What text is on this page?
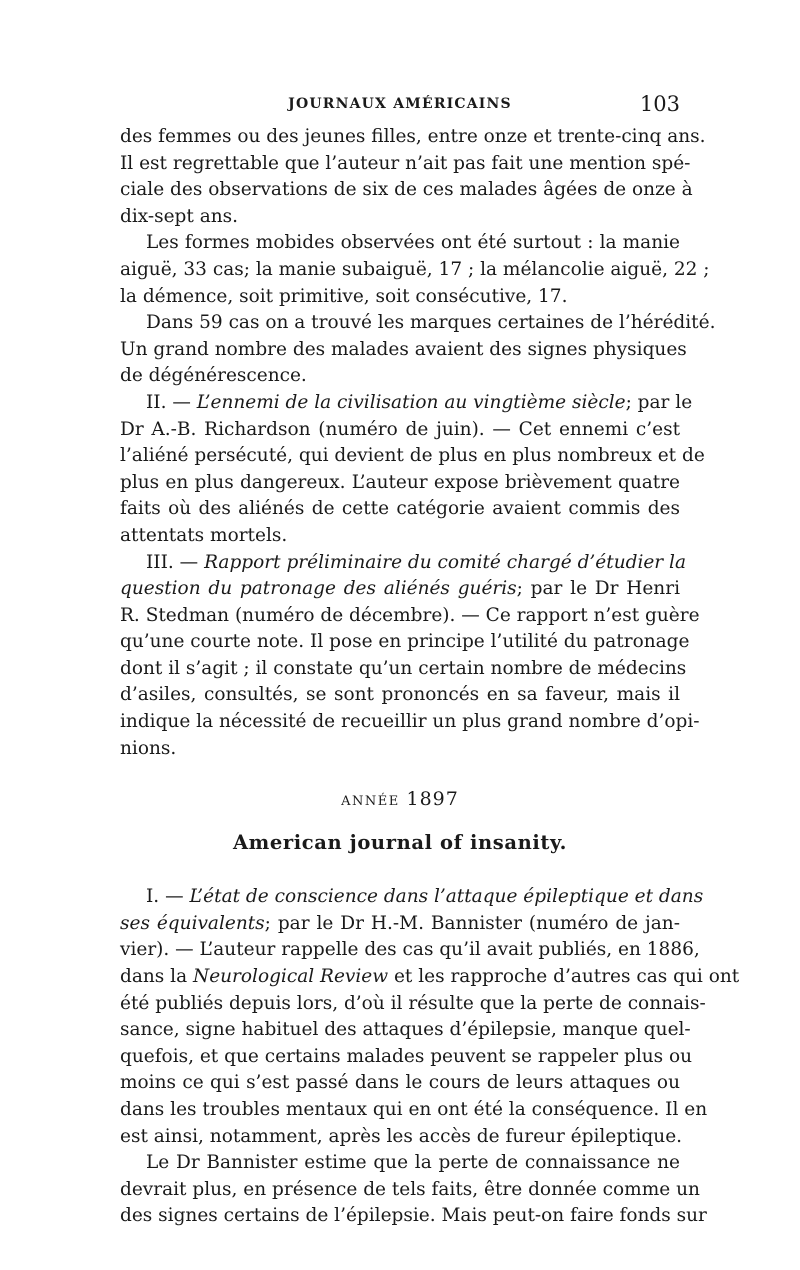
JOURNAUX AMÉRICAINS	103
des femmes ou des jeunes filles, entre onze et trente-cinq ans.
Il est regrettable que l’auteur n’ait pas fait une mention spé-
ciale des observations de six de ces malades âgées de onze à
dix-sept ans.
Les formes mobides observées ont été surtout : la manie
aiguë, 33 cas; la manie subaiguë, 17 ; la mélancolie aiguë, 22 ;
la démence, soit primitive, soit consécutive, 17.
Dans 59 cas on a trouvé les marques certaines de l’hérédité.
Un grand nombre des malades avaient des signes physiques
de dégénérescence.
II. — L’ennemi de la civilisation au vingtième siècle; par le
Dr A.-B. Richardson (numéro de juin). — Cet ennemi c’est
l’aliéné persécuté, qui devient de plus en plus nombreux et de
plus en plus dangereux. L’auteur expose brièvement quatre
faits où des aliénés de cette catégorie avaient commis des
attentats mortels.
III. — Rapport préliminaire du comité chargé d’étudier la
question du patronage des aliénés guéris; par le Dr Henri
R. Stedman (numéro de décembre). — Ce rapport n’est guère
qu’une courte note. Il pose en principe l’utilité du patronage
dont il s’agit ; il constate qu’un certain nombre de médecins
d’asiles, consultés, se sont prononcés en sa faveur, mais il
indique la nécessité de recueillir un plus grand nombre d’opi-
nions.
ANNÉE 1897
American journal of insanity.
I. — L’état de conscience dans l’attaque épileptique et dans
ses équivalents; par le Dr H.-M. Bannister (numéro de jan-
vier). — L’auteur rappelle des cas qu’il avait publiés, en 1886,
dans la Neurological Review et les rapproche d’autres cas qui ont
été publiés depuis lors, d’où il résulte que la perte de connais-
sance, signe habituel des attaques d’épilepsie, manque quel-
quefois, et que certains malades peuvent se rappeler plus ou
moins ce qui s’est passé dans le cours de leurs attaques ou
dans les troubles mentaux qui en ont été la conséquence. Il en
est ainsi, notamment, après les accès de fureur épileptique.
Le Dr Bannister estime que la perte de connaissance ne
devrait plus, en présence de tels faits, être donnée comme un
des signes certains de l’épilepsie. Mais peut-on faire fonds sur
